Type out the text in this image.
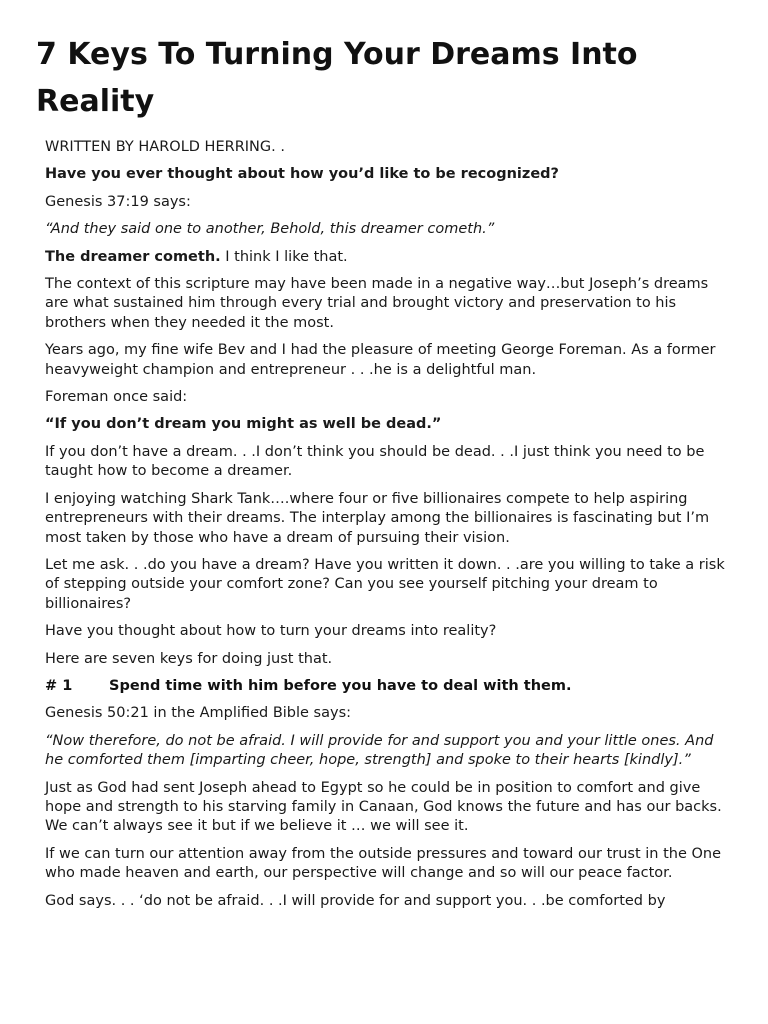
7 Keys To Turning Your Dreams Into Reality

WRITTEN BY HAROLD HERRING. .

Have you ever thought about how you’d like to be recognized?

Genesis 37:19 says:

“And they said one to another, Behold, this dreamer cometh.”

The dreamer cometh. I think I like that.

The context of this scripture may have been made in a negative way…but Joseph’s dreams are what sustained him through every trial and brought victory and preservation to his brothers when they needed it the most.

Years ago, my fine wife Bev and I had the pleasure of meeting George Foreman. As a former heavyweight champion and entrepreneur . . .he is a delightful man.

Foreman once said:

“If you don’t dream you might as well be dead.”

If you don’t have a dream. . .I don’t think you should be dead. . .I just think you need to be taught how to become a dreamer.

I enjoying watching Shark Tank….where four or five billionaires compete to help aspiring entrepreneurs with their dreams. The interplay among the billionaires is fascinating but I’m most taken by those who have a dream of pursuing their vision.

Let me ask. . .do you have a dream? Have you written it down. . .are you willing to take a risk of stepping outside your comfort zone? Can you see yourself pitching your dream to billionaires?

Have you thought about how to turn your dreams into reality?

Here are seven keys for doing just that.

# 1	Spend time with him before you have to deal with them.

Genesis 50:21 in the Amplified Bible says:

“Now therefore, do not be afraid. I will provide for and support you and your little ones. And he comforted them [imparting cheer, hope, strength] and spoke to their hearts [kindly].”

Just as God had sent Joseph ahead to Egypt so he could be in position to comfort and give hope and strength to his starving family in Canaan, God knows the future and has our backs. We can’t always see it but if we believe it … we will see it.

If we can turn our attention away from the outside pressures and toward our trust in the One who made heaven and earth, our perspective will change and so will our peace factor.

God says. . . ‘do not be afraid. . .I will provide for and support you. . .be comforted by
